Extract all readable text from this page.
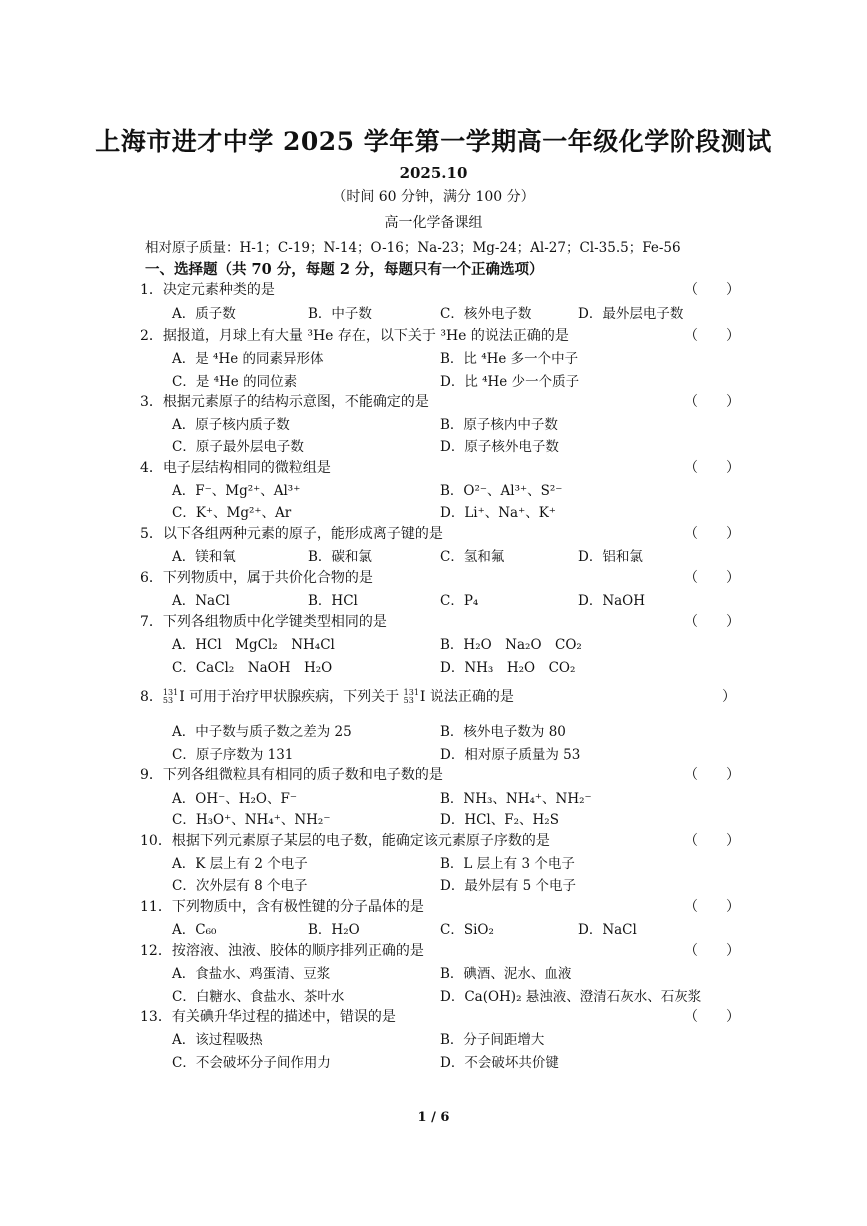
上海市进才中学 2025 学年第一学期高一年级化学阶段测试
2025.10
（时间 60 分钟，满分 100 分）
高一化学备课组
相对原子质量：H-1；C-19；N-14；O-16；Na-23；Mg-24；Al-27；Cl-35.5；Fe-56
一、选择题（共 70 分，每题 2 分，每题只有一个正确选项）
1．决定元素种类的是	（　　）
A．质子数	B．中子数	C．核外电子数	D．最外层电子数
2．据报道，月球上有大量 ³He 存在，以下关于 ³He 的说法正确的是	（　　）
A．是 ⁴He 的同素异形体	B．比 ⁴He 多一个中子
C．是 ⁴He 的同位素	D．比 ⁴He 少一个质子
3．根据元素原子的结构示意图，不能确定的是	（　　）
A．原子核内质子数	B．原子核内中子数
C．原子最外层电子数	D．原子核外电子数
4．电子层结构相同的微粒组是	（　　）
A．F⁻、Mg²⁺、Al³⁺	B．O²⁻、Al³⁺、S²⁻
C．K⁺、Mg²⁺、Ar	D．Li⁺、Na⁺、K⁺
5．以下各组两种元素的原子，能形成离子键的是	（　　）
A．镁和氧	B．碳和氯	C．氢和氟	D．铝和氯
6．下列物质中，属于共价化合物的是	（　　）
A．NaCl	B．HCl	C．P₄	D．NaOH
7．下列各组物质中化学键类型相同的是	（　　）
A．HCl　MgCl₂　NH₄Cl	B．H₂O　Na₂O　CO₂
C．CaCl₂　NaOH　H₂O	D．NH₃　H₂O　CO₂
8． 131
53 I 可用于治疗甲状腺疾病，下列关于 131
53 I 说法正确的是	）
A．中子数与质子数之差为 25	B．核外电子数为 80
C．原子序数为 131	D．相对原子质量为 53
9．下列各组微粒具有相同的质子数和电子数的是	（　　）
A．OH⁻、H₂O、F⁻	B．NH₃、NH₄⁺、NH₂⁻
C．H₃O⁺、NH₄⁺、NH₂⁻	D．HCl、F₂、H₂S
10．根据下列元素原子某层的电子数，能确定该元素原子序数的是	（　　）
A．K 层上有 2 个电子	B．L 层上有 3 个电子
C．次外层有 8 个电子	D．最外层有 5 个电子
11．下列物质中，含有极性键的分子晶体的是	（　　）
A．C₆₀	B．H₂O	C．SiO₂	D．NaCl
12．按溶液、浊液、胶体的顺序排列正确的是	（　　）
A．食盐水、鸡蛋清、豆浆	B．碘酒、泥水、血液
C．白糖水、食盐水、茶叶水	D．Ca(OH)₂ 悬浊液、澄清石灰水、石灰浆
13．有关碘升华过程的描述中，错误的是	（　　）
A．该过程吸热	B．分子间距增大
C．不会破坏分子间作用力	D．不会破坏共价键
1 / 6
